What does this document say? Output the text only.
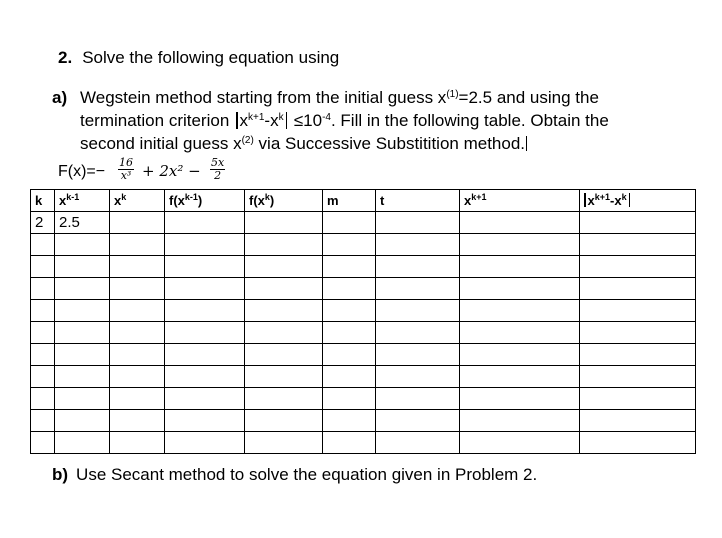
2. Solve the following equation using
a) Wegstein method starting from the initial guess $x^{(1)}=2.5$ and using the
termination criterion $x^{k+1}-x^k \le 10^{-4}$. Fill in the following table. Obtain the
second initial guess $x^{(2)}$ via Successive Substitition method.
$F(x)=- \frac{16}{\text{x³}} + 2x^2 - \frac{5x}{2}$
k	$x^{k-1}$	$x^k$	$f(x^{k-1})$	$f(x^k)$	m	t	$x^{k+1}$	$x^{k+1}-x^k$
2	2.5							

b) Use Secant method to solve the equation given in Problem 2.
